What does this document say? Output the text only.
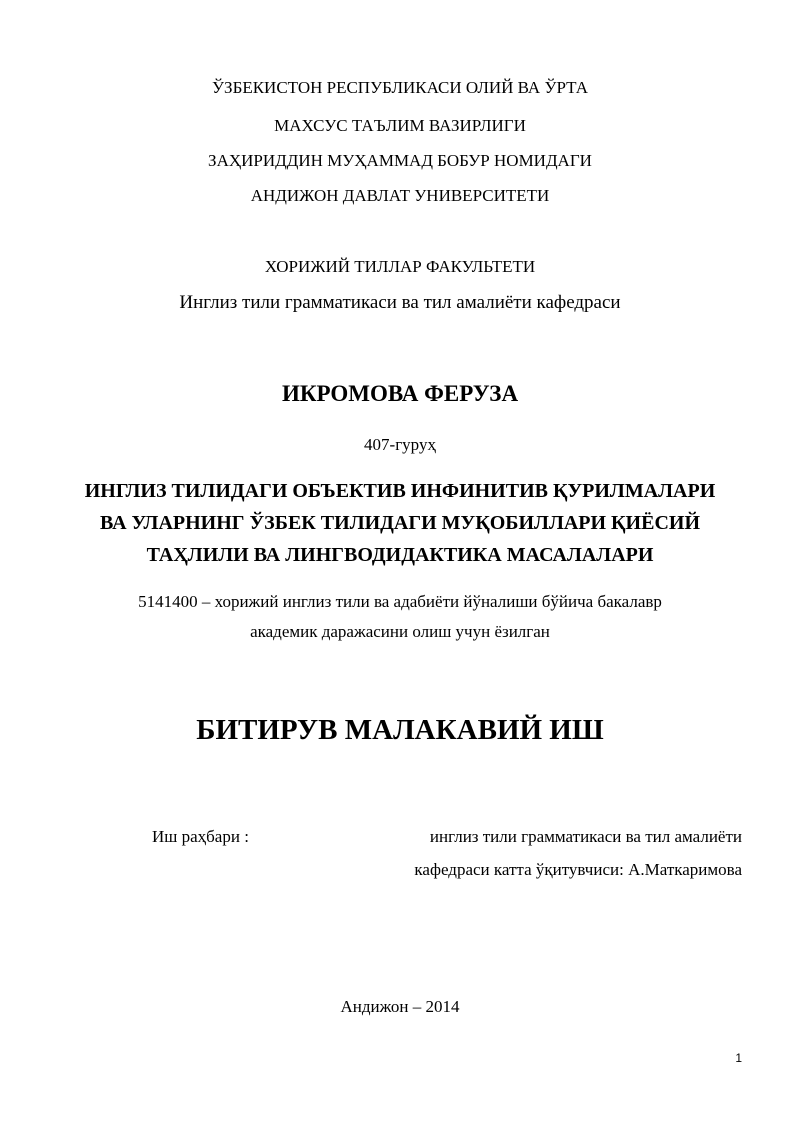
ЎЗБЕКИСТОН РЕСПУБЛИКАСИ ОЛИЙ ВА ЎРТА
МАХСУС ТАЪЛИМ ВАЗИРЛИГИ
ЗАҲИРИДДИН МУҲАММАД БОБУР НОМИДАГИ
АНДИЖОН ДАВЛАТ УНИВЕРСИТЕТИ
ХОРИЖИЙ ТИЛЛАР ФАКУЛЬТЕТИ
Инглиз тили грамматикаси ва тил амалиёти кафедраси
ИКРОМОВА ФЕРУЗА
407-гуруҳ
ИНГЛИЗ ТИЛИДАГИ ОБЪЕКТИВ ИНФИНИТИВ ҚУРИЛМАЛАРИ
ВА УЛАРНИНГ ЎЗБЕК ТИЛИДАГИ МУҚОБИЛЛАРИ ҚИЁСИЙ
ТАҲЛИЛИ ВА ЛИНГВОДИДАКТИКА МАСАЛАЛАРИ
5141400 – хорижий инглиз тили ва адабиёти йўналиши бўйича бакалавр
академик даражасини олиш учун ёзилган
БИТИРУВ МАЛАКАВИЙ ИШ
Иш раҳбари :	инглиз тили грамматикаси ва тил амалиёти
кафедраси катта ўқитувчиси: А.Маткаримова
Андижон – 2014
1
